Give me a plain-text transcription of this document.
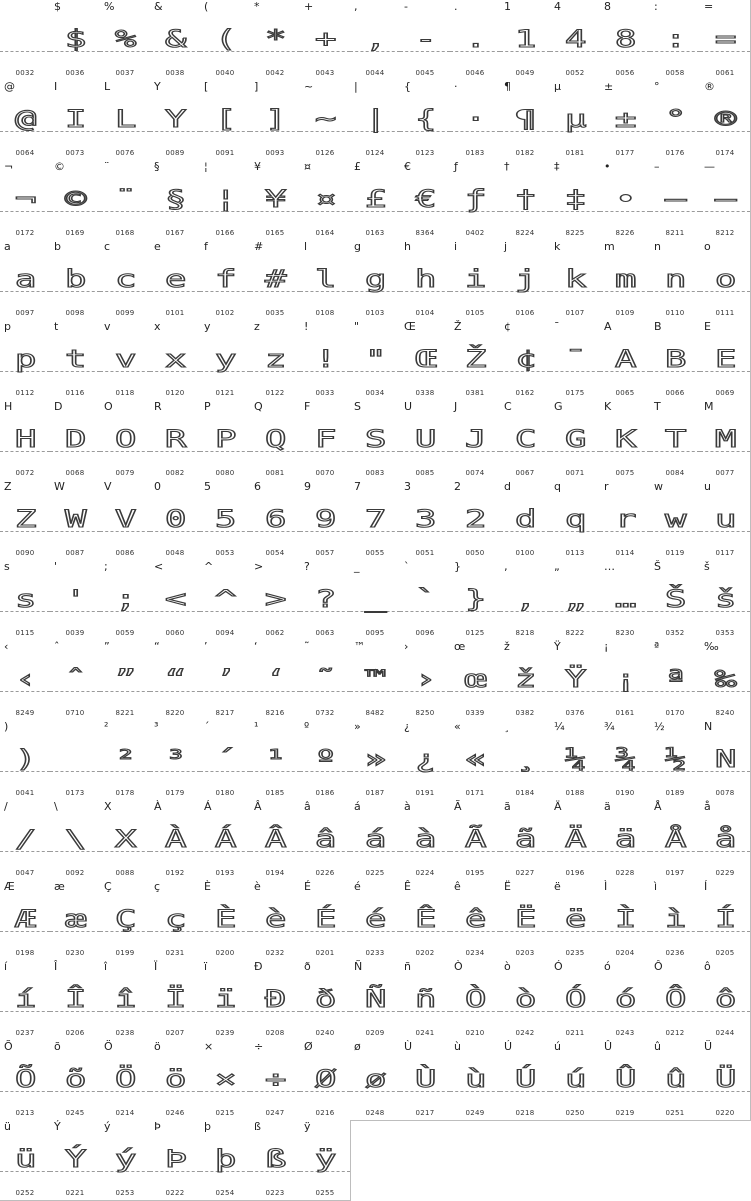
0032
$
$
0036
%
%
0037
&
&
0038
(
(
0040
*
*
0042
+
+
0043
,
,
0044
-
-
0045
.
.
0046
1
1
0049
4
4
0052
8
8
0056
:
:
0058
=
=
0061
@
@
0064
I
I
0073
L
L
0076
Y
Y
0089
[
[
0091
]
]
0093
~
~
0126
|
|
0124
{
{
0123
·
·
0183
¶
¶
0182
µ
µ
0181
±
±
0177
°
°
0176
®
®
0174
¬
¬
0172
©
©
0169
¨
¨
0168
§
§
0167
¦
¦
0166
¥
¥
0165
¤
¤
0164
£
£
0163
€
€
8364
ƒ
ƒ
0402
†
†
8224
‡
‡
8225
•
•
8226
–
–
8211
—
—
8212
a
a
0097
b
b
0098
c
c
0099
e
e
0101
f
f
0102
#
#
0035
l
l
0108
g
g
0103
h
h
0104
i
i
0105
j
j
0106
k
k
0107
m
m
0109
n
n
0110
o
o
0111
p
p
0112
t
t
0116
v
v
0118
x
x
0120
y
y
0121
z
z
0122
!
!
0033
"
"
0034
Œ
Œ
0338
Ž
Ž
0381
¢
¢
0162
¯
¯
0175
A
A
0065
B
B
0066
E
E
0069
H
H
0072
D
D
0068
O
O
0079
R
R
0082
P
P
0080
Q
Q
0081
F
F
0070
S
S
0083
U
U
0085
J
J
0074
C
C
0067
G
G
0071
K
K
0075
T
T
0084
M
M
0077
Z
Z
0090
W
W
0087
V
V
0086
0
0
0048
5
5
0053
6
6
0054
9
9
0057
7
7
0055
3
3
0051
2
2
0050
d
d
0100
q
q
0113
r
r
0114
w
w
0119
u
u
0117
s
s
0115
'
'
0039
;
;
0059
<
<
0060
^
^
0094
>
>
0062
?
?
0063
_
_
0095
`
`
0096
}
}
0125
‚
‚
8218
„
„
8222
…
…
8230
Š
Š
0352
š
š
0353
‹
‹
8249
ˆ
ˆ
0710
”
”
8221
“
“
8220
’
’
8217
‘
‘
8216
˜
˜
0732
™
™
8482
›
›
8250
œ
œ
0339
ž
ž
0382
Ÿ
Ÿ
0376
¡
¡
0161
ª
ª
0170
‰
‰
8240
)
)
0041	0173
²
²
0178
³
³
0179
´
´
0180
¹
¹
0185
º
º
0186
»
»
0187
¿
¿
0191
«
«
0171
¸
¸
0184
¼
¼
0188
¾
¾
0190
½
½
0189
N
N
0078
/
/
0047
\
\
0092
X
X
0088
À
À
0192
Á
Á
0193
Â
Â
0194
â
â
0226
á
á
0225
à
à
0224
Ã
Ã
0195
ã
ã
0227
Ä
Ä
0196
ä
ä
0228
Å
Å
0197
å
å
0229
Æ
Æ
0198
æ
æ
0230
Ç
Ç
0199
ç
ç
0231
È
È
0200
è
è
0232
É
É
0201
é
é
0233
Ê
Ê
0202
ê
ê
0234
Ë
Ë
0203
ë
ë
0235
Ì
Ì
0204
ì
ì
0236
Í
Í
0205
í
í
0237
Î
Î
0206
î
î
0238
Ï
Ï
0207
ï
ï
0239
Ð
Ð
0208
ð
ð
0240
Ñ
Ñ
0209
ñ
ñ
0241
Ò
Ò
0210
ò
ò
0242
Ó
Ó
0211
ó
ó
0243
Ô
Ô
0212
ô
ô
0244
Õ
Õ
0213
õ
õ
0245
Ö
Ö
0214
ö
ö
0246
×
×
0215
÷
÷
0247
Ø
Ø
0216
ø
ø
0248
Ù
Ù
0217
ù
ù
0249
Ú
Ú
0218
ú
ú
0250
Û
Û
0219
û
û
0251
Ü
Ü
0220
ü
ü
0252
Ý
Ý
0221
ý
ý
0253
Þ
Þ
0222
þ
þ
0254
ß
ß
0223
ÿ
ÿ
0255
